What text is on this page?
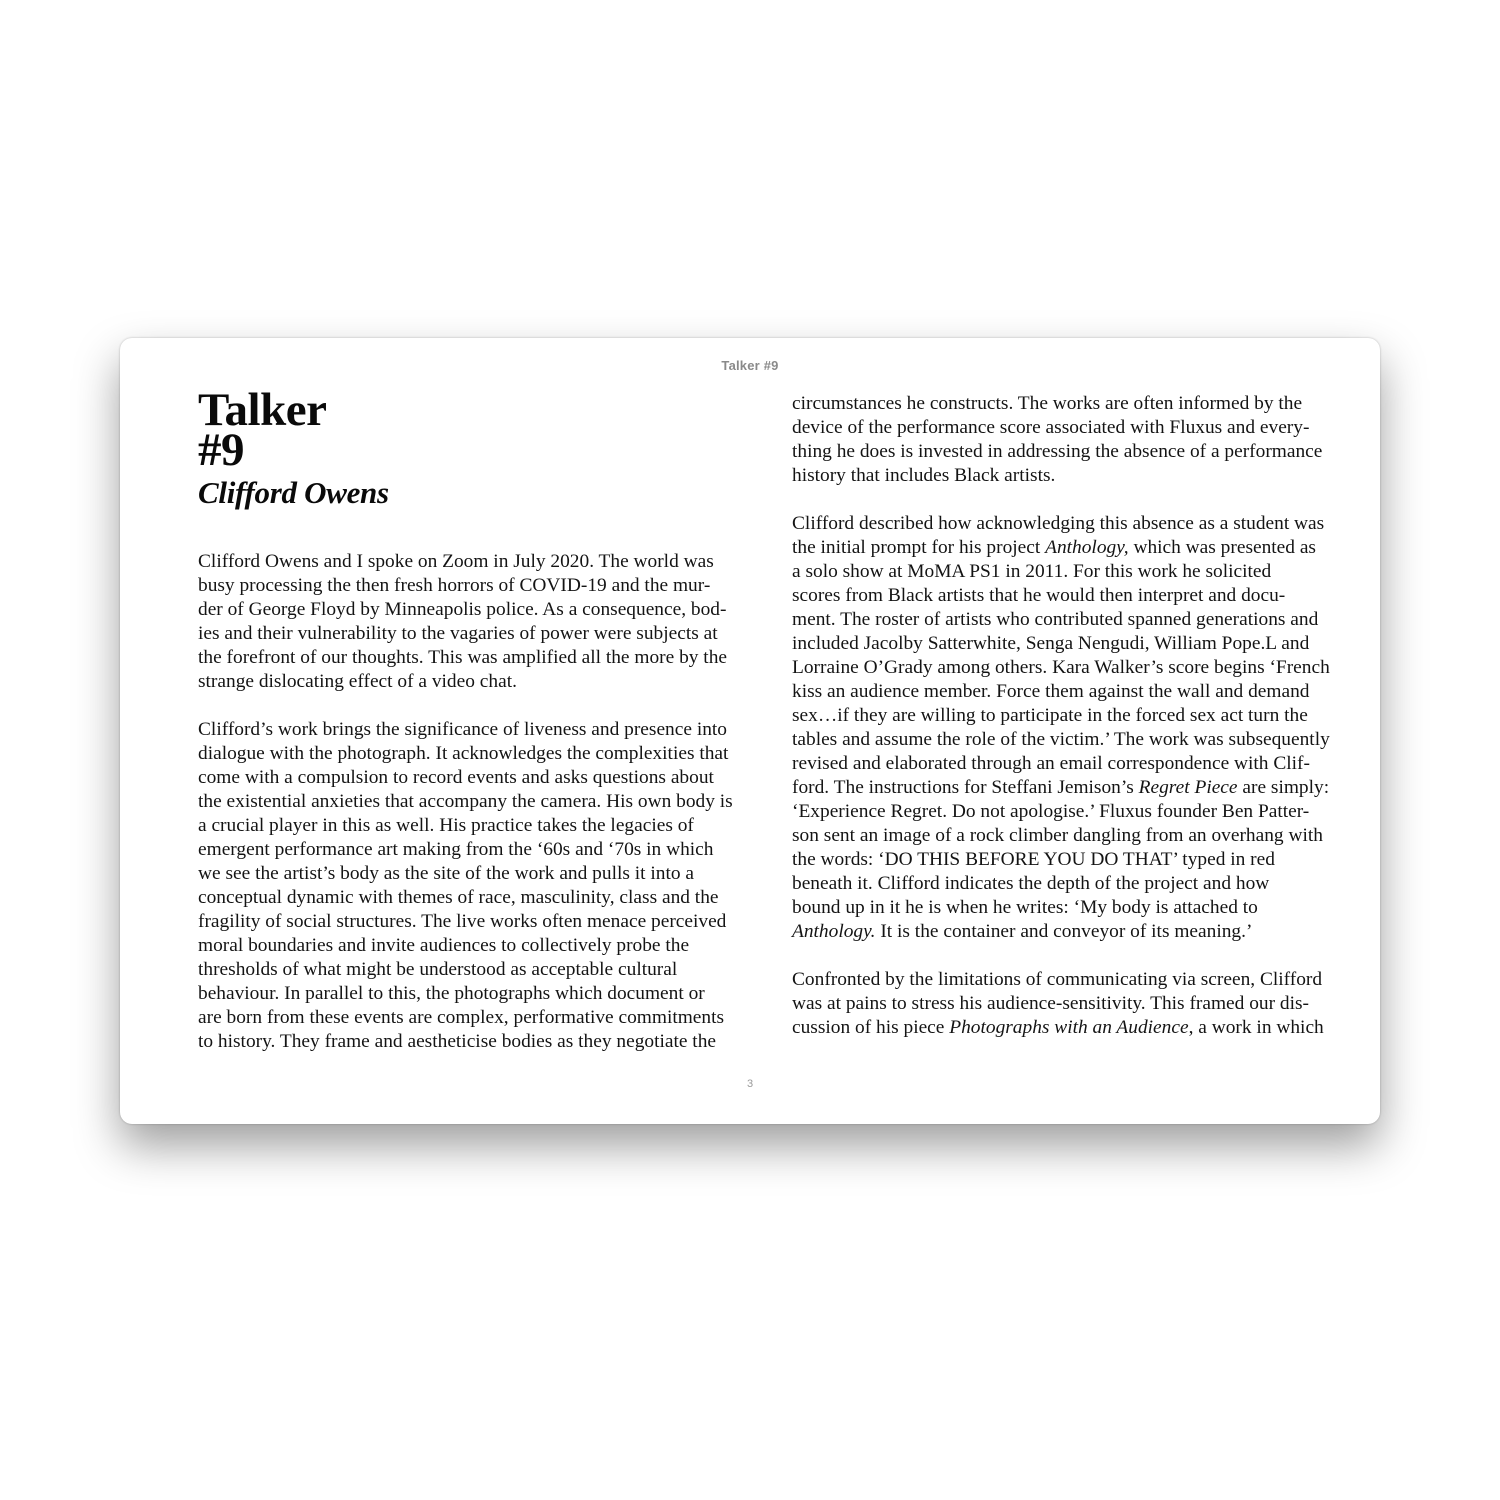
Talker #9
Talker
#9
Clifford Owens
Clifford Owens and I spoke on Zoom in July 2020. The world was
busy processing the then fresh horrors of COVID-19 and the mur-
der of George Floyd by Minneapolis police. As a consequence, bod-
ies and their vulnerability to the vagaries of power were subjects at
the forefront of our thoughts. This was amplified all the more by the
strange dislocating effect of a video chat.
Clifford’s work brings the significance of liveness and presence into
dialogue with the photograph. It acknowledges the complexities that
come with a compulsion to record events and asks questions about
the existential anxieties that accompany the camera. His own body is
a crucial player in this as well. His practice takes the legacies of
emergent performance art making from the ‘60s and ‘70s in which
we see the artist’s body as the site of the work and pulls it into a
conceptual dynamic with themes of race, masculinity, class and the
fragility of social structures. The live works often menace perceived
moral boundaries and invite audiences to collectively probe the
thresholds of what might be understood as acceptable cultural
behaviour. In parallel to this, the photographs which document or
are born from these events are complex, performative commitments
to history. They frame and aestheticise bodies as they negotiate the
circumstances he constructs. The works are often informed by the
device of the performance score associated with Fluxus and every-
thing he does is invested in addressing the absence of a performance
history that includes Black artists.
Clifford described how acknowledging this absence as a student was
the initial prompt for his project Anthology, which was presented as
a solo show at MoMA PS1 in 2011. For this work he solicited
scores from Black artists that he would then interpret and docu-
ment. The roster of artists who contributed spanned generations and
included Jacolby Satterwhite, Senga Nengudi, William Pope.L and
Lorraine O’Grady among others. Kara Walker’s score begins ‘French
kiss an audience member. Force them against the wall and demand
sex…if they are willing to participate in the forced sex act turn the
tables and assume the role of the victim.’ The work was subsequently
revised and elaborated through an email correspondence with Clif-
ford. The instructions for Steffani Jemison’s Regret Piece are simply:
‘Experience Regret. Do not apologise.’ Fluxus founder Ben Patter-
son sent an image of a rock climber dangling from an overhang with
the words: ‘DO THIS BEFORE YOU DO THAT’ typed in red
beneath it. Clifford indicates the depth of the project and how
bound up in it he is when he writes: ‘My body is attached to
Anthology. It is the container and conveyor of its meaning.’
Confronted by the limitations of communicating via screen, Clifford
was at pains to stress his audience-sensitivity. This framed our dis-
cussion of his piece Photographs with an Audience, a work in which
3
